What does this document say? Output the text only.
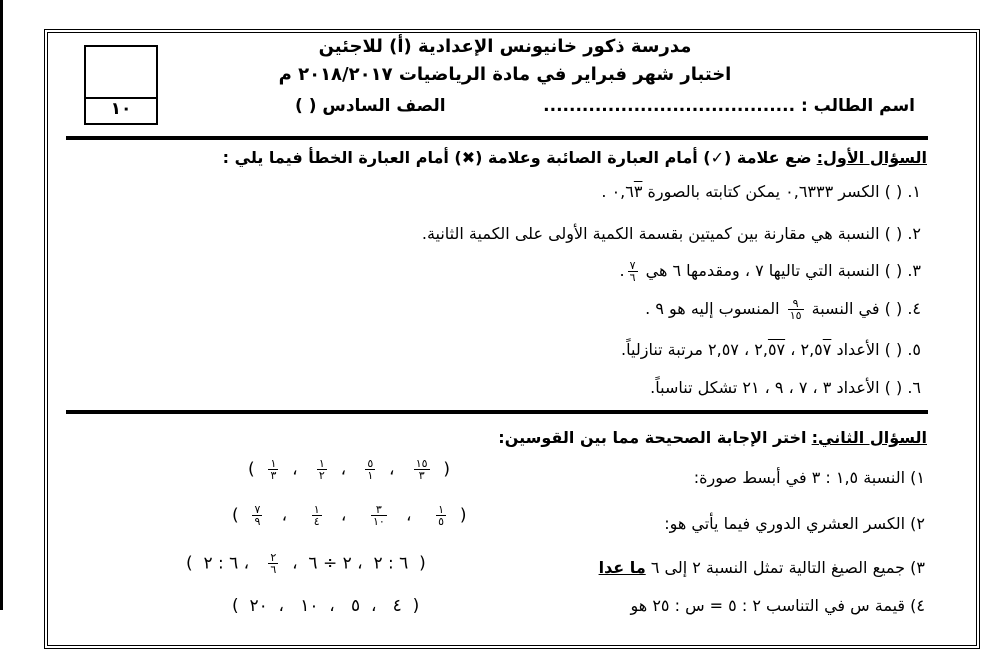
مدرسة ذكور خانيونس الإعدادية (أ) للاجئين
اختبار شهر فبراير في مادة الرياضيات ٢٠١٨/٢٠١٧ م
اسم الطالب : .......................................
الصف السادس ( )
١٠
السؤال الأول: ضع علامة (✓) أمام العبارة الصائبة وعلامة (✖) أمام العبارة الخطأ فيما يلي :
١. ( ) الكسر ٠,٦٣٣٣ يمكن كتابته بالصورة ٠,٦٣ .
٢. ( ) النسبة هي مقارنة بين كميتين بقسمة الكمية الأولى على الكمية الثانية.
٣. ( ) النسبة التي تاليها ٧ ، ومقدمها ٦ هي
$\frac{٧}{٦}$
.
٤. ( ) في النسبة
$\frac{٩}{١٥}$
المنسوب إليه هو ٩ .
٥. ( ) الأعداد ٢,٥٧ ، ٢,٥٧ ، ٢,٥٧ مرتبة تنازلياً.
٦. ( ) الأعداد ٣ ، ٧ ، ٩ ، ٢١ تشكل تناسباً.
السؤال الثاني: اختر الإجابة الصحيحة مما بين القوسين:
١) النسبة ١,٥ : ٣ في أبسط صورة:
(
$\frac{١٥}{٣}$
،
$\frac{٥}{١}$
،
$\frac{١}{٢}$
،
$\frac{١}{٣}$
)
٢) الكسر العشري الدوري فيما يأتي هو:
(
$\frac{١}{٥}$
،
$\frac{٣}{١٠}$
،
$\frac{١}{٤}$
،
$\frac{٧}{٩}$
)
٣) جميع الصيغ التالية تمثل النسبة ٢ إلى ٦ ما عدا
(  ٦ : ٢  ، ٢ ÷ ٦  ،
$\frac{٢}{٦}$
، ٦ : ٢  )
٤) قيمة س في التناسب ٢ : ٥ = س : ٢٥ هو
(  ٤   ،  ٥   ،  ١٠   ،  ٢٠  )
